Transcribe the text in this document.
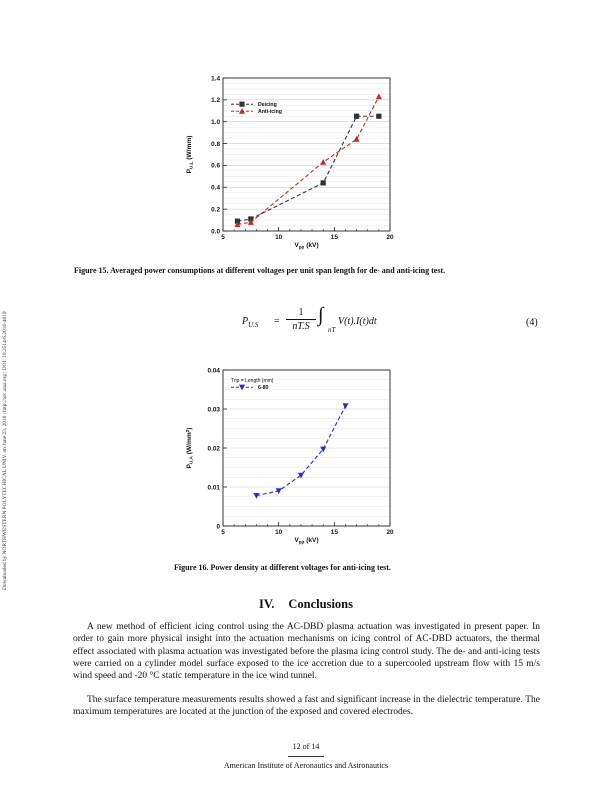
Downloaded by NORTHWESTERN POLYTECHICAL UNIV. on June 23, 2016 | http://arc.aiaa.org | DOI: 10.2514/6.2016-4019
0.0
0.2
0.4
0.6
0.8
1.0
1.2
1.4
5	10	15	20
$V_{pp}$ (kV)
$P_{U,L}$ (W/mm)
Deicing
Anti-icing
Figure 15. Averaged power consumptions at different voltages per unit span length for de- and anti-icing test.
$P_{U.S}$ =
1
nT.S
∫
nT
V(t).I(t)dt	(4)
0
0.01
0.02
0.03
0.04
5	10	15	20
$V_{pp}$ (kV)
$P_{U,A}$ $(W/mm^2)$
Trip = Length (mm)
6-80
Figure 16. Power density at different voltages for anti-icing test.
IV. Conclusions

A new method of efficient icing control using the AC-DBD plasma actuation was investigated in present paper. In order to gain more physical insight into the actuation mechanisms on icing control of AC-DBD actuators, the thermal effect associated with plasma actuation was investigated before the plasma icing control study. The de- and anti-icing tests were carried on a cylinder model surface exposed to the ice accretion due to a supercooled upstream flow with 15 m/s wind speed and -20 °C static temperature in the ice wind tunnel.

The surface temperature measurements results showed a fast and significant increase in the dielectric temperature. The maximum temperatures are located at the junction of the exposed and covered electrodes.

12 of 14
American Institute of Aeronautics and Astronautics
